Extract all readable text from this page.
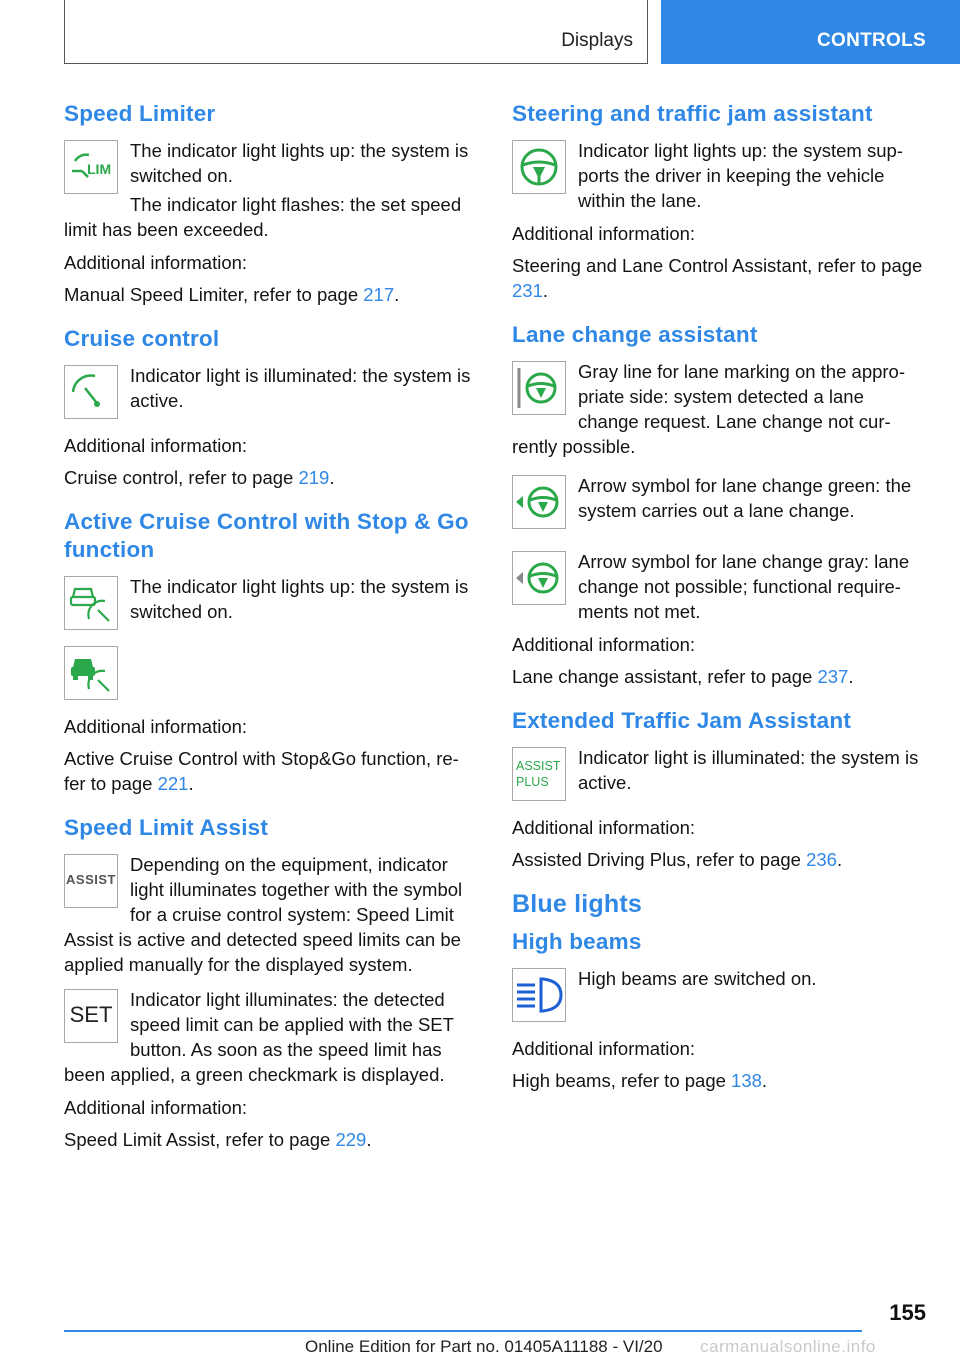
Displays	CONTROLS
Speed Limiter
LIM

The indicator light lights up: the system is switched on.

The indicator light flashes: the set speed limit has been exceeded.

Additional information:

Manual Speed Limiter, refer to page 217.

Cruise control

Indicator light is illuminated: the system is active.

Additional information:

Cruise control, refer to page 219.

Active Cruise Control with Stop & Go function

The indicator light lights up: the system is switched on.

Additional information:

Active Cruise Control with Stop&Go function, re‐fer to page 221.

Speed Limit Assist
ASSIST

Depending on the equipment, indicator light illuminates together with the symbol for a cruise control system: Speed Limit Assist is active and detected speed limits can be applied manually for the displayed system.

SET

Indicator light illuminates: the detected speed limit can be applied with the SET button. As soon as the speed limit has been applied, a green checkmark is displayed.

Additional information:

Speed Limit Assist, refer to page 229.

Steering and traffic jam assistant

Indicator light lights up: the system sup‐ports the driver in keeping the vehicle within the lane.

Additional information:

Steering and Lane Control Assistant, refer to page 231.

Lane change assistant

Gray line for lane marking on the appro‐priate side: system detected a lane change request. Lane change not cur‐rently possible.

Arrow symbol for lane change green: the system carries out a lane change.

Arrow symbol for lane change gray: lane change not possible; functional require‐ments not met.

Additional information:

Lane change assistant, refer to page 237.

Extended Traffic Jam Assistant
ASSIST
PLUS

Indicator light is illuminated: the system is active.

Additional information:

Assisted Driving Plus, refer to page 236.

Blue lights
High beams

High beams are switched on.

Additional information:

High beams, refer to page 138.

155
Online Edition for Part no. 01405A11188 - VI/20 carmanualsonline.info
